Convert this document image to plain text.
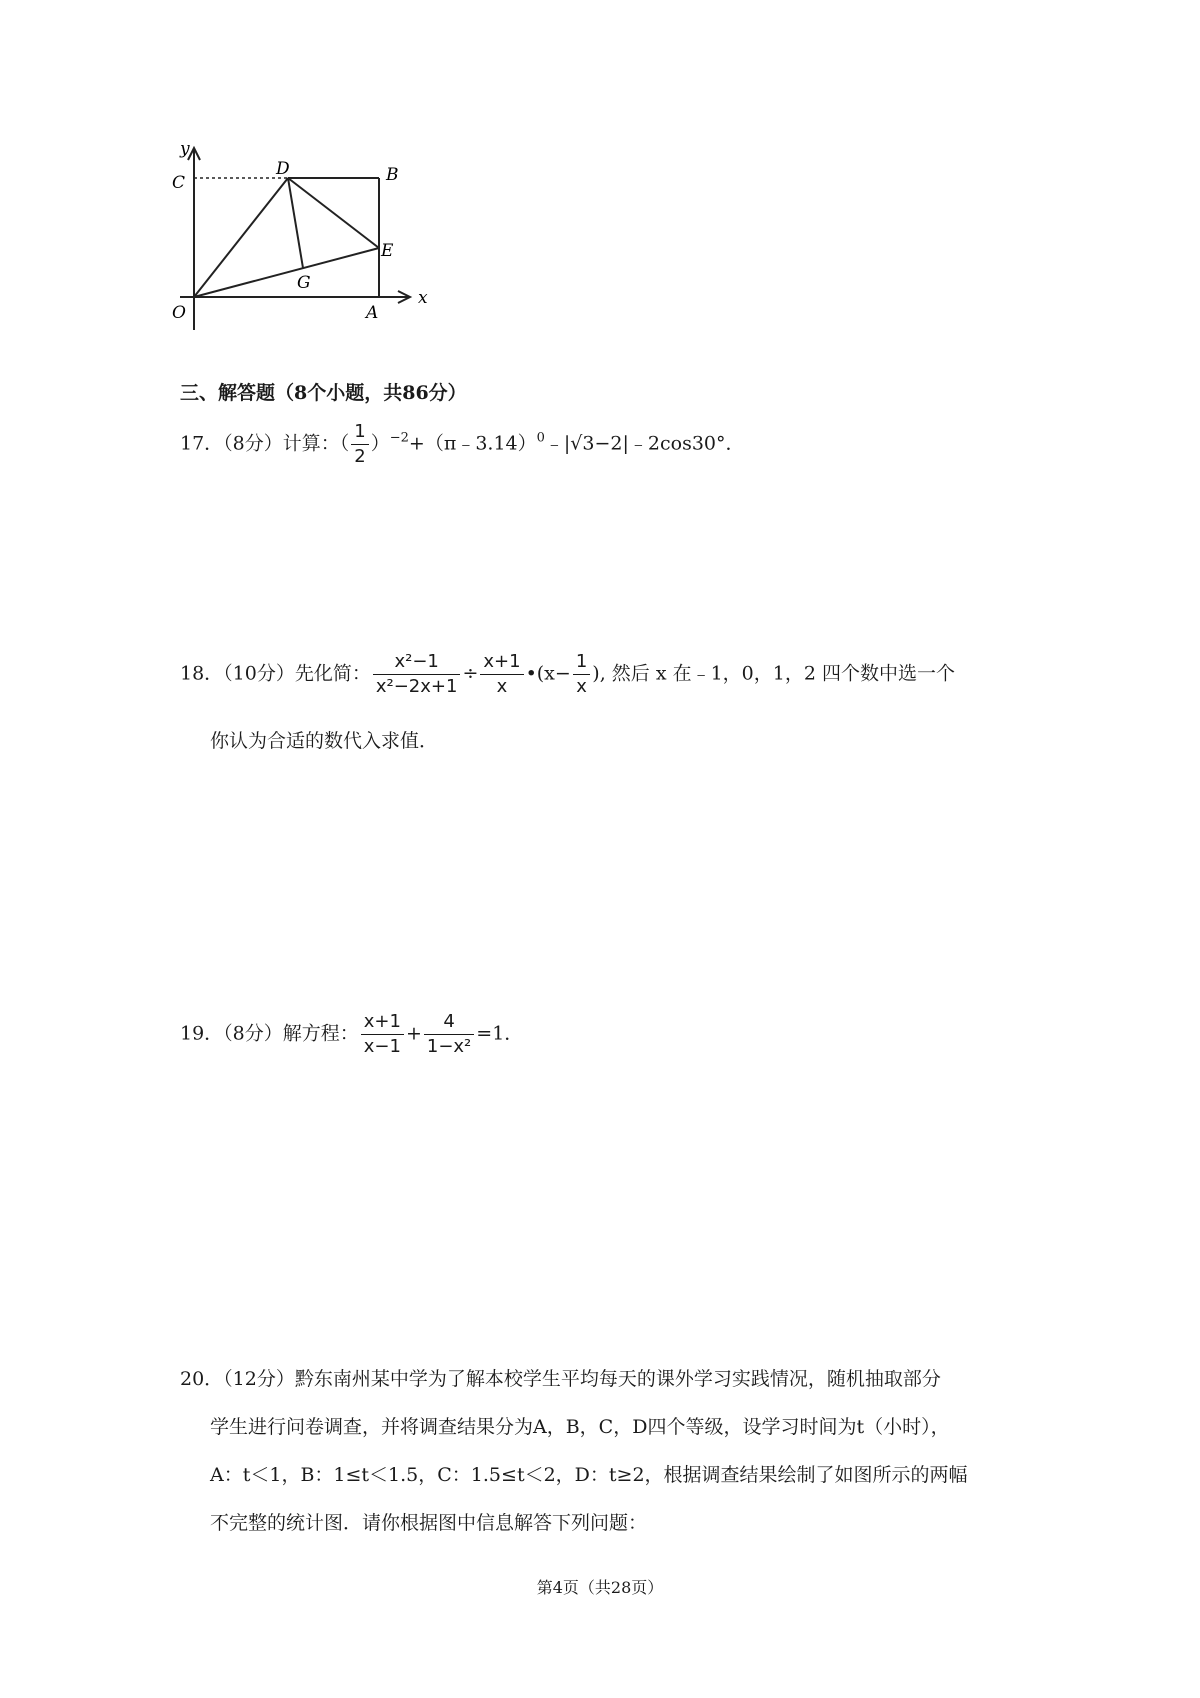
y
C
D	B
E
G
O	A
x
三、解答题（8个小题，共86分）
17．（8分）计算：（ $\frac{1}{2}$ ）$^{-2}$+（π﹣3.14）$^0$﹣|√3−2|﹣2cos30°．
18．（10分）先化简： $\frac{\text{x²−1}}{\text{x²−2x+1}} \div \frac{x+1}{x}$ •(x− $\frac{1}{x}$ ), 然后 x 在﹣1，0，1，2 四个数中选一个
你认为合适的数代入求值．
19．（8分）解方程： $\frac{x+1}{x-1} + \frac{4}{\text{1−x²}} =1$．
20．（12分）黔东南州某中学为了解本校学生平均每天的课外学习实践情况，随机抽取部分
学生进行问卷调查，并将调查结果分为A，B，C，D四个等级，设学习时间为t（小时），
A：t＜1，B：1≤t＜1.5，C：1.5≤t＜2，D：t≥2，根据调查结果绘制了如图所示的两幅
不完整的统计图．请你根据图中信息解答下列问题：
第4页（共28页）
